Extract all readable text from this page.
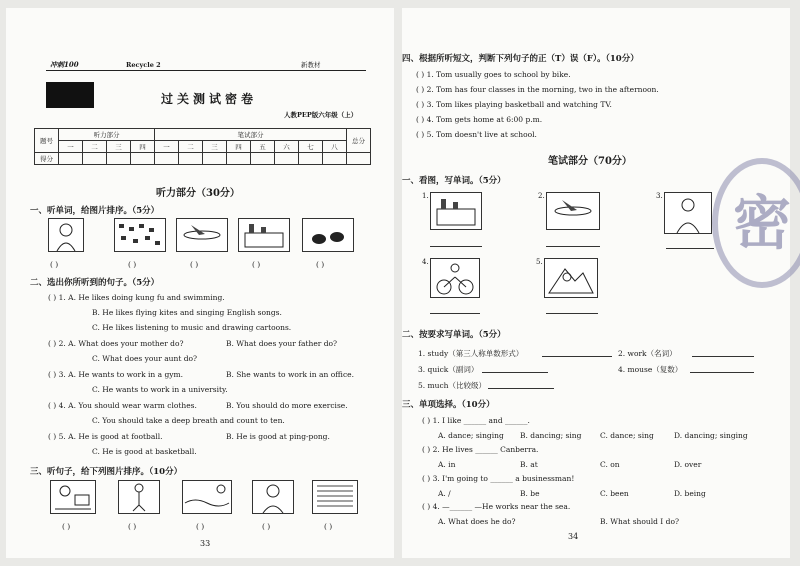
冲刺100	Recycle 2	新教材
过关测试密卷
人教PEP版六年级（上）
题号	听力部分				笔试部分								总分
	一	二	三	四	一	二	三	四	五	六	七	八	
得分													
听力部分（30分）
一、听单词，给图片排序。（5分）
( )	( )	( )	( )	( )
二、选出你所听到的句子。（5分）
( ) 1. A. He likes doing kung fu and swimming.
B. He likes flying kites and singing English songs.
C. He likes listening to music and drawing cartoons.
( ) 2. A. What does your mother do?	B. What does your father do?
C. What does your aunt do?
( ) 3. A. He wants to work in a gym.	B. She wants to work in an office.
C. He wants to work in a university.
( ) 4. A. You should wear warm clothes.	B. You should do more exercise.
C. You should take a deep breath and count to ten.
( ) 5. A. He is good at football.	B. He is good at ping-pong.
C. He is good at basketball.
三、听句子，给下列图片排序。（10分）
( )	( )	( )	( )	( )
33
四、根据所听短文，判断下列句子的正（T）误（F）。（10分）
( ) 1. Tom usually goes to school by bike.
( ) 2. Tom has four classes in the morning, two in the afternoon.
( ) 3. Tom likes playing basketball and watching TV.
( ) 4. Tom gets home at 6:00 p.m.
( ) 5. Tom doesn't live at school.
笔试部分（70分）
一、看图，写单词。（5分）
1.	2.	3.
4.	5.
二、按要求写单词。（5分）
1. study（第三人称单数形式）	2. work（名词）
3. quick（副词）	4. mouse（复数）
5. much（比较级）
三、单项选择。（10分）
( ) 1. I like ______ and ______.
A. dance; singing B. dancing; sing C. dance; sing	D. dancing; singing
( ) 2. He lives ______ Canberra.
A. in	B. at	C. on	D. over
( ) 3. I'm going to ______ a businessman!
A. /	B. be	C. been	D. being
( ) 4. —______ —He works near the sea.
A. What does he do?	B. What should I do?
34
密
